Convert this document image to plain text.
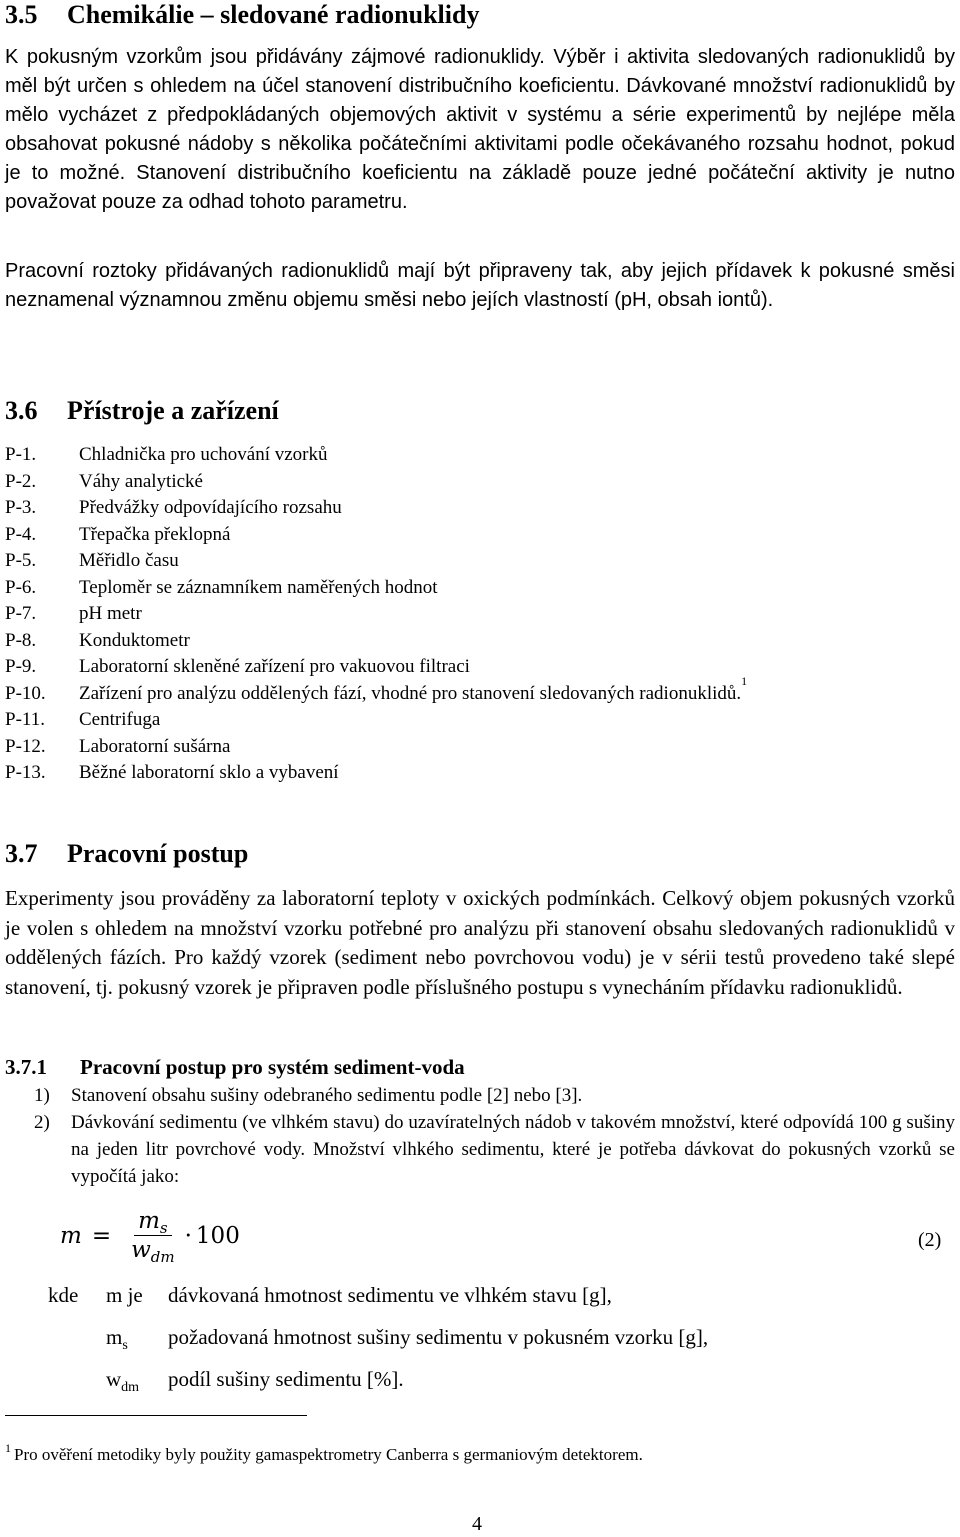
3.5 Chemikálie – sledované radionuklidy

K pokusným vzorkům jsou přidávány zájmové radionuklidy. Výběr i aktivita sledovaných radionuklidů by měl být určen s ohledem na účel stanovení distribučního koeficientu. Dávkované množství radionuklidů by mělo vycházet z předpokládaných objemových aktivit v systému a série experimentů by nejlépe měla obsahovat pokusné nádoby s několika počátečními aktivitami podle očekávaného rozsahu hodnot, pokud je to možné. Stanovení distribučního koeficientu na základě pouze jedné počáteční aktivity je nutno považovat pouze za odhad tohoto parametru.

Pracovní roztoky přidávaných radionuklidů mají být připraveny tak, aby jejich přídavek k pokusné směsi neznamenal významnou změnu objemu směsi nebo jejích vlastností (pH, obsah iontů).

3.6 Přístroje a zařízení
P-1.	Chladnička pro uchování vzorků
P-2.	Váhy analytické
P-3.	Předvážky odpovídajícího rozsahu
P-4.	Třepačka překlopná
P-5.	Měřidlo času
P-6.	Teploměr se záznamníkem naměřených hodnot
P-7.	pH metr
P-8.	Konduktometr
P-9.	Laboratorní skleněné zařízení pro vakuovou filtraci
P-10.	Zařízení pro analýzu oddělených fází, vhodné pro stanovení sledovaných radionuklidů.
1
P-11.	Centrifuga
P-12.	Laboratorní sušárna
P-13.	Běžné laboratorní sklo a vybavení
3.7 Pracovní postup

Experimenty jsou prováděny za laboratorní teploty v oxických podmínkách. Celkový objem pokusných vzorků je volen s ohledem na množství vzorku potřebné pro analýzu při stanovení obsahu sledovaných radionuklidů v oddělených fázích. Pro každý vzorek (sediment nebo povrchovou vodu) je v sérii testů provedeno také slepé stanovení, tj. pokusný vzorek je připraven podle příslušného postupu s vynecháním přídavku radionuklidů.

3.7.1 Pracovní postup pro systém sediment-voda
1)	Stanovení obsahu sušiny odebraného sedimentu podle [2] nebo [3].
2)	Dávkování sedimentu (ve vlhkém stavu) do uzavíratelných nádob v takovém množství, které odpovídá 100 g sušiny na jeden litr povrchové vody. Množství vlhkého sedimentu, které je potřeba dávkovat do pokusných vzorků se vypočítá jako:
$m = \frac{m_s}{w_{dm}} \cdot 100$	(2)
kde	m je	dávkovaná hmotnost sedimentu ve vlhkém stavu [g],
$m_s$	požadovaná hmotnost sušiny sedimentu v pokusném vzorku [g],
$w_{dm}$	podíl sušiny sedimentu [%].
$^1$ Pro ověření metodiky byly použity gamaspektrometry Canberra s germaniovým detektorem.
4
